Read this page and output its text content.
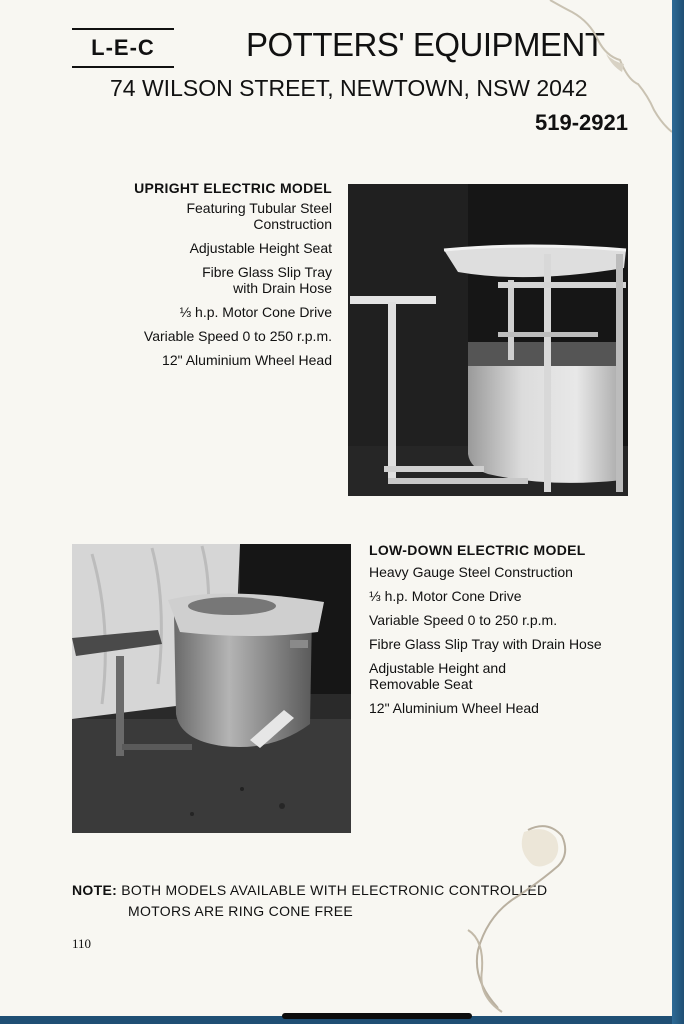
L-E-C	POTTERS' EQUIPMENT
74 WILSON STREET, NEWTOWN, NSW 2042
519-2921
UPRIGHT ELECTRIC MODEL
Featuring Tubular Steel Construction
Adjustable Height Seat
Fibre Glass Slip Tray with Drain Hose
⅓ h.p. Motor Cone Drive
Variable Speed 0 to 250 r.p.m.
12" Aluminium Wheel Head
LOW-DOWN ELECTRIC MODEL
Heavy Gauge Steel Construction
⅓ h.p. Motor Cone Drive
Variable Speed 0 to 250 r.p.m.
Fibre Glass Slip Tray with Drain Hose
Adjustable Height and Removable Seat
12" Aluminium Wheel Head
NOTE: BOTH MODELS AVAILABLE WITH ELECTRONIC CONTROLLED
MOTORS ARE RING CONE FREE
110
